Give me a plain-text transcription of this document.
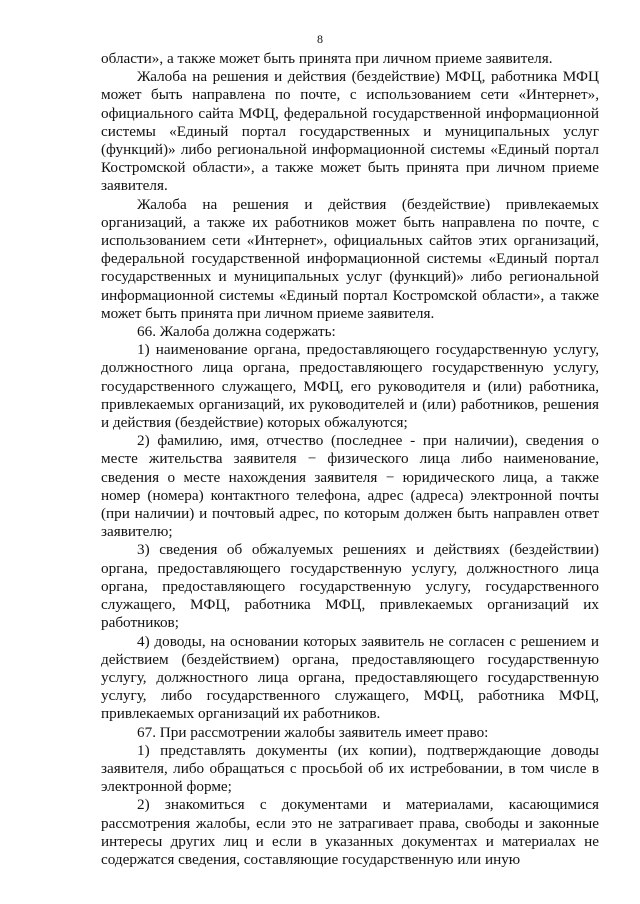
8

области», а также может быть принята при личном приеме заявителя.

Жалоба на решения и действия (бездействие) МФЦ, работника МФЦ может быть направлена по почте, с использованием сети «Интернет», официального сайта МФЦ, федеральной государственной информационной системы «Единый портал государственных и муниципальных услуг (функций)» либо региональной информационной системы «Единый портал Костромской области», а также может быть принята при личном приеме заявителя.

Жалоба на решения и действия (бездействие) привлекаемых организаций, а также их работников может быть направлена по почте, с использованием сети «Интернет», официальных сайтов этих организаций, федеральной государственной информационной системы «Единый портал государственных и муниципальных услуг (функций)» либо региональной информационной системы «Единый портал Костромской области», а также может быть принята при личном приеме заявителя.

66. Жалоба должна содержать:

1) наименование органа, предоставляющего государственную услугу, должностного лица органа, предоставляющего государственную услугу, государственного служащего, МФЦ, его руководителя и (или) работника, привлекаемых организаций, их руководителей и (или) работников, решения и действия (бездействие) которых обжалуются;

2) фамилию, имя, отчество (последнее - при наличии), сведения о месте жительства заявителя − физического лица либо наименование, сведения о месте нахождения заявителя − юридического лица, а также номер (номера) контактного телефона, адрес (адреса) электронной почты (при наличии) и почтовый адрес, по которым должен быть направлен ответ заявителю;

3) сведения об обжалуемых решениях и действиях (бездействии) органа, предоставляющего государственную услугу, должностного лица органа, предоставляющего государственную услугу, государственного служащего, МФЦ, работника МФЦ, привлекаемых организаций их работников;

4) доводы, на основании которых заявитель не согласен с решением и действием (бездействием) органа, предоставляющего государственную услугу, должностного лица органа, предоставляющего государственную услугу, либо государственного служащего, МФЦ, работника МФЦ, привлекаемых организаций их работников.

67. При рассмотрении жалобы заявитель имеет право:

1) представлять документы (их копии), подтверждающие доводы заявителя, либо обращаться с просьбой об их истребовании, в том числе в электронной форме;

2) знакомиться с документами и материалами, касающимися рассмотрения жалобы, если это не затрагивает права, свободы и законные интересы других лиц и если в указанных документах и материалах не содержатся сведения, составляющие государственную или иную
